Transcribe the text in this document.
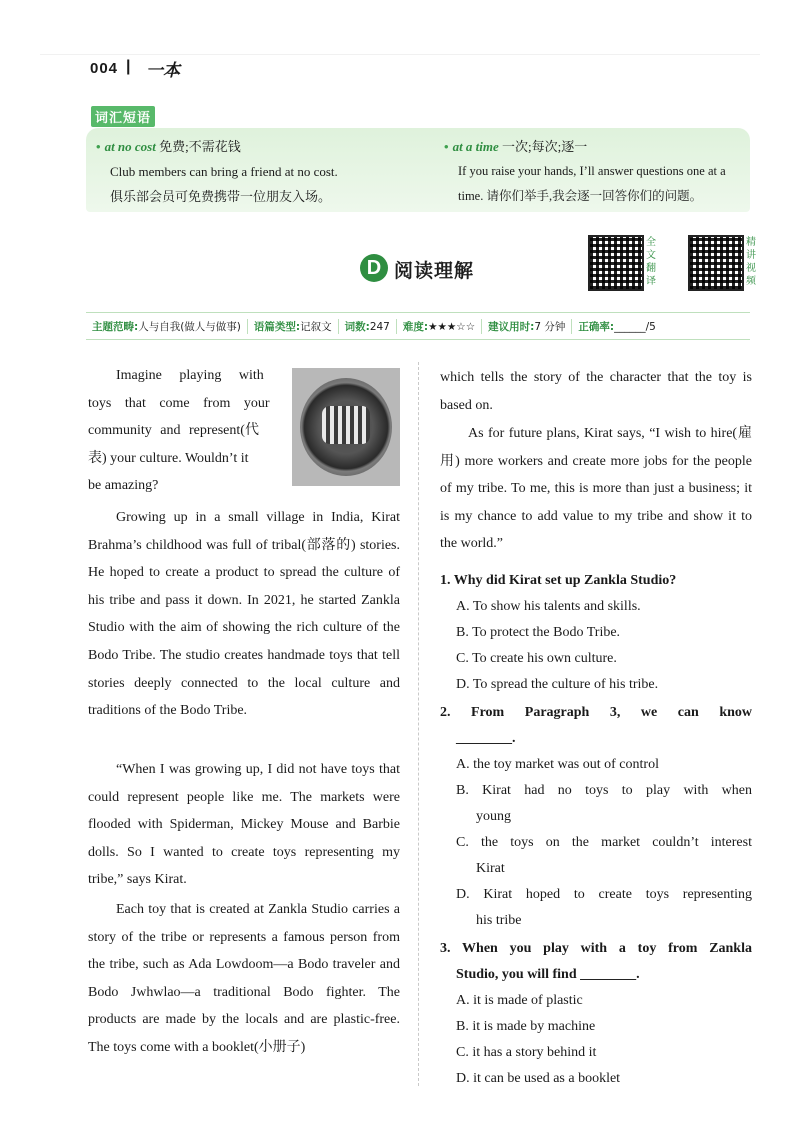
004 | 一本
词汇短语
• at no cost 免费;不需花钱
Club members can bring a friend at no cost.
俱乐部会员可免费携带一位朋友入场。
• at a time 一次;每次;逐一
If you raise your hands, I’ll answer questions one at a
time. 请你们举手,我会逐一回答你们的问题。
D 阅读理解
全
文
翻
译
精
讲
视
频
主题范畴:人与自我(做人与做事)	语篇类型:记叙文	词数:247	难度:★★★☆☆	建议用时:7 分钟	正确率:______/5
Imagine playing with
toys that come from your
community and represent(代
表) your culture. Wouldn’t it
be amazing?
Growing up in a small village in India, Kirat Brahma’s childhood was full of tribal(部落的) stories. He hoped to create a product to spread the culture of his tribe and pass it down. In 2021, he started Zankla Studio with the aim of showing the rich culture of the Bodo Tribe. The studio creates handmade toys that tell stories deeply connected to the local culture and traditions of the Bodo Tribe.
“When I was growing up, I did not have toys that could represent people like me. The markets were flooded with Spiderman, Mickey Mouse and Barbie dolls. So I wanted to create toys representing my tribe,” says Kirat.
Each toy that is created at Zankla Studio carries a story of the tribe or represents a famous person from the tribe, such as Ada Lowdoom—a Bodo traveler and Bodo Jwhwlao—a traditional Bodo fighter. The products are made by the locals and are plastic-free. The toys come with a booklet(小册子)
which tells the story of the character that the toy is based on.
As for future plans, Kirat says, “I wish to hire(雇用) more workers and create more jobs for the people of my tribe. To me, this is more than just a business; it is my chance to add value to my tribe and show it to the world.”
1. Why did Kirat set up Zankla Studio?
A. To show his talents and skills.
B. To protect the Bodo Tribe.
C. To create his own culture.
D. To spread the culture of his tribe.
2. From Paragraph 3, we can know
________.
A. the toy market was out of control
B. Kirat had no toys to play with when
young
C. the toys on the market couldn’t interest
Kirat
D. Kirat hoped to create toys representing
his tribe
3. When you play with a toy from Zankla
Studio, you will find ________.
A. it is made of plastic
B. it is made by machine
C. it has a story behind it
D. it can be used as a booklet
